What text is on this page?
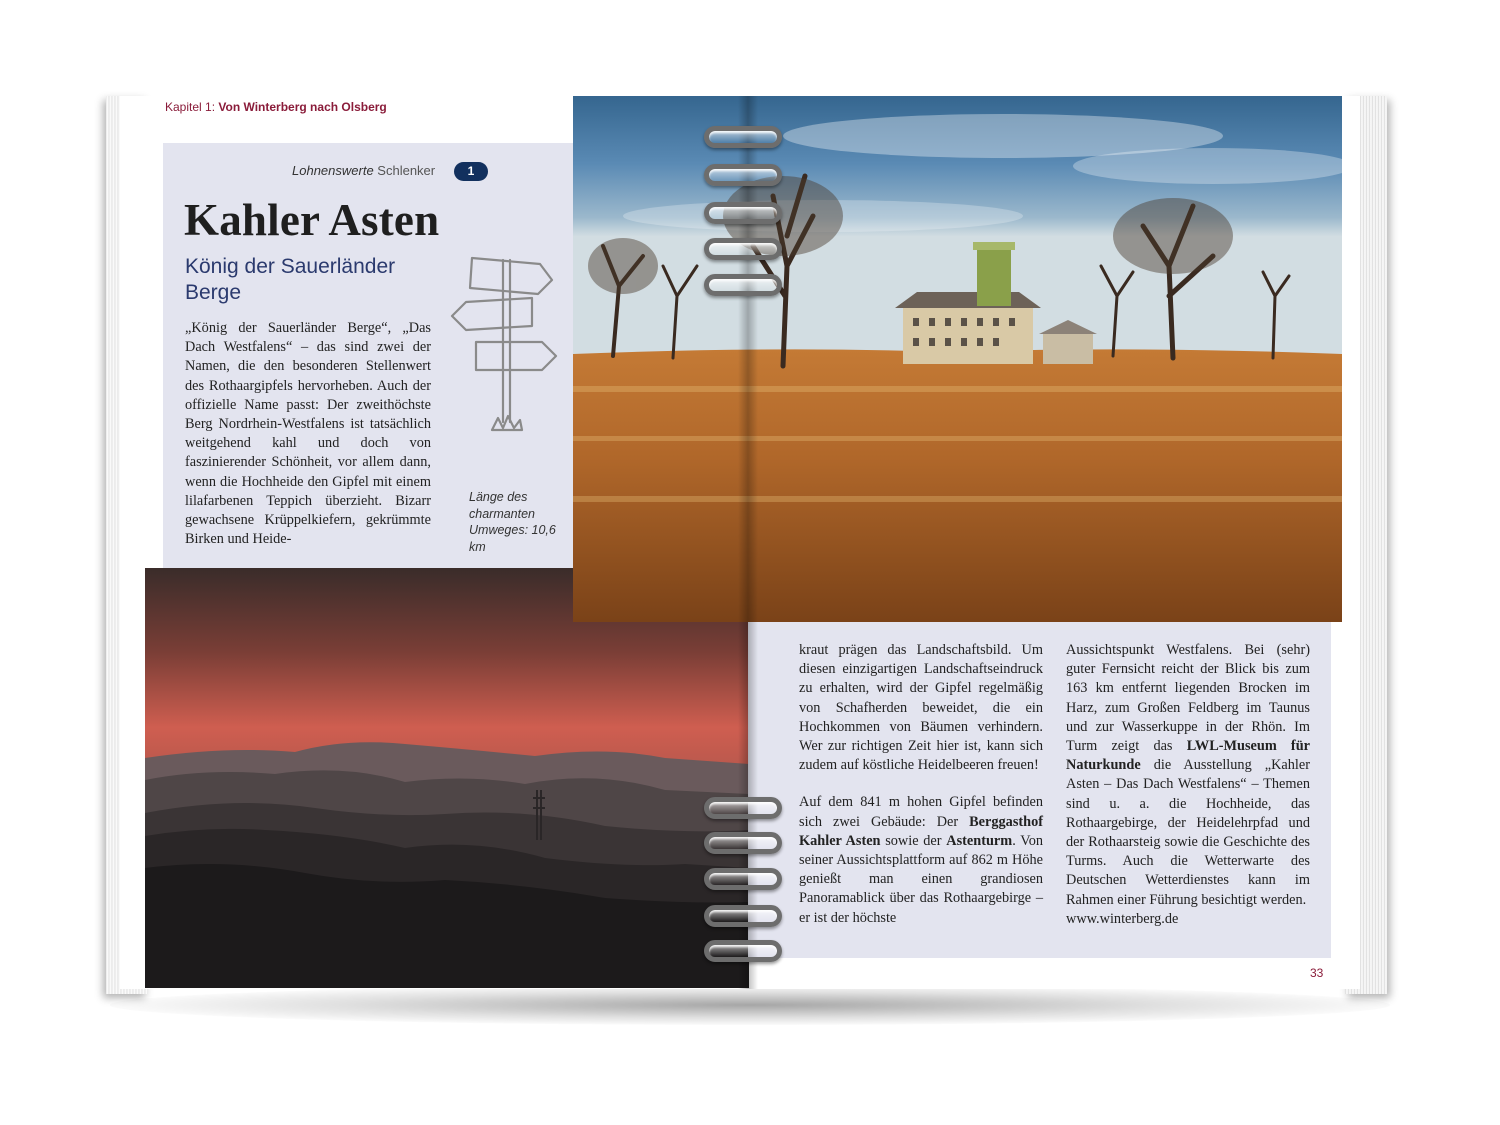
Kapitel 1: Von Winterberg nach Olsberg
Lohnenswerte Schlenker	1
Kahler Asten
König der Sauerländer Berge
„König der Sauerländer Berge“, „Das Dach Westfalens“ – das sind zwei der Namen, die den besonderen Stellenwert des Rothaargipfels hervorheben. Auch der offizielle Name passt: Der zweithöchste Berg Nordrhein-Westfalens ist tatsächlich weitgehend kahl und doch von faszinierender Schönheit, vor allem dann, wenn die Hochheide den Gipfel mit einem lilafarbenen Teppich überzieht. Bizarr gewachsene Krüppelkiefern, gekrümmte Birken und Heide-
Länge des charmanten Umweges: 10,6 km

kraut prägen das Landschaftsbild. Um diesen einzigartigen Landschaftseindruck zu erhalten, wird der Gipfel regelmäßig von Schafherden beweidet, die ein Hochkommen von Bäumen verhindern. Wer zur richtigen Zeit hier ist, kann sich zudem auf köstliche Heidelbeeren freuen!

Auf dem 841 m hohen Gipfel befinden sich zwei Gebäude: Der Berggasthof Kahler Asten sowie der Astenturm. Von seiner Aussichtsplattform auf 862 m Höhe genießt man einen grandiosen Panoramablick über das Rothaargebirge – er ist der höchste

Aussichtspunkt Westfalens. Bei (sehr) guter Fernsicht reicht der Blick bis zum 163 km entfernt liegenden Brocken im Harz, zum Großen Feldberg im Taunus und zur Wasserkuppe in der Rhön. Im Turm zeigt das LWL-Museum für Naturkunde die Ausstellung „Kahler Asten – Das Dach Westfalens“ – Themen sind u. a. die Hochheide, das Rothaargebirge, der Heidelehrpfad und der Rothaarsteig sowie die Geschichte des Turms. Auch die Wetterwarte des Deutschen Wetterdienstes kann im Rahmen einer Führung besichtigt werden.
www.winterberg.de

33
